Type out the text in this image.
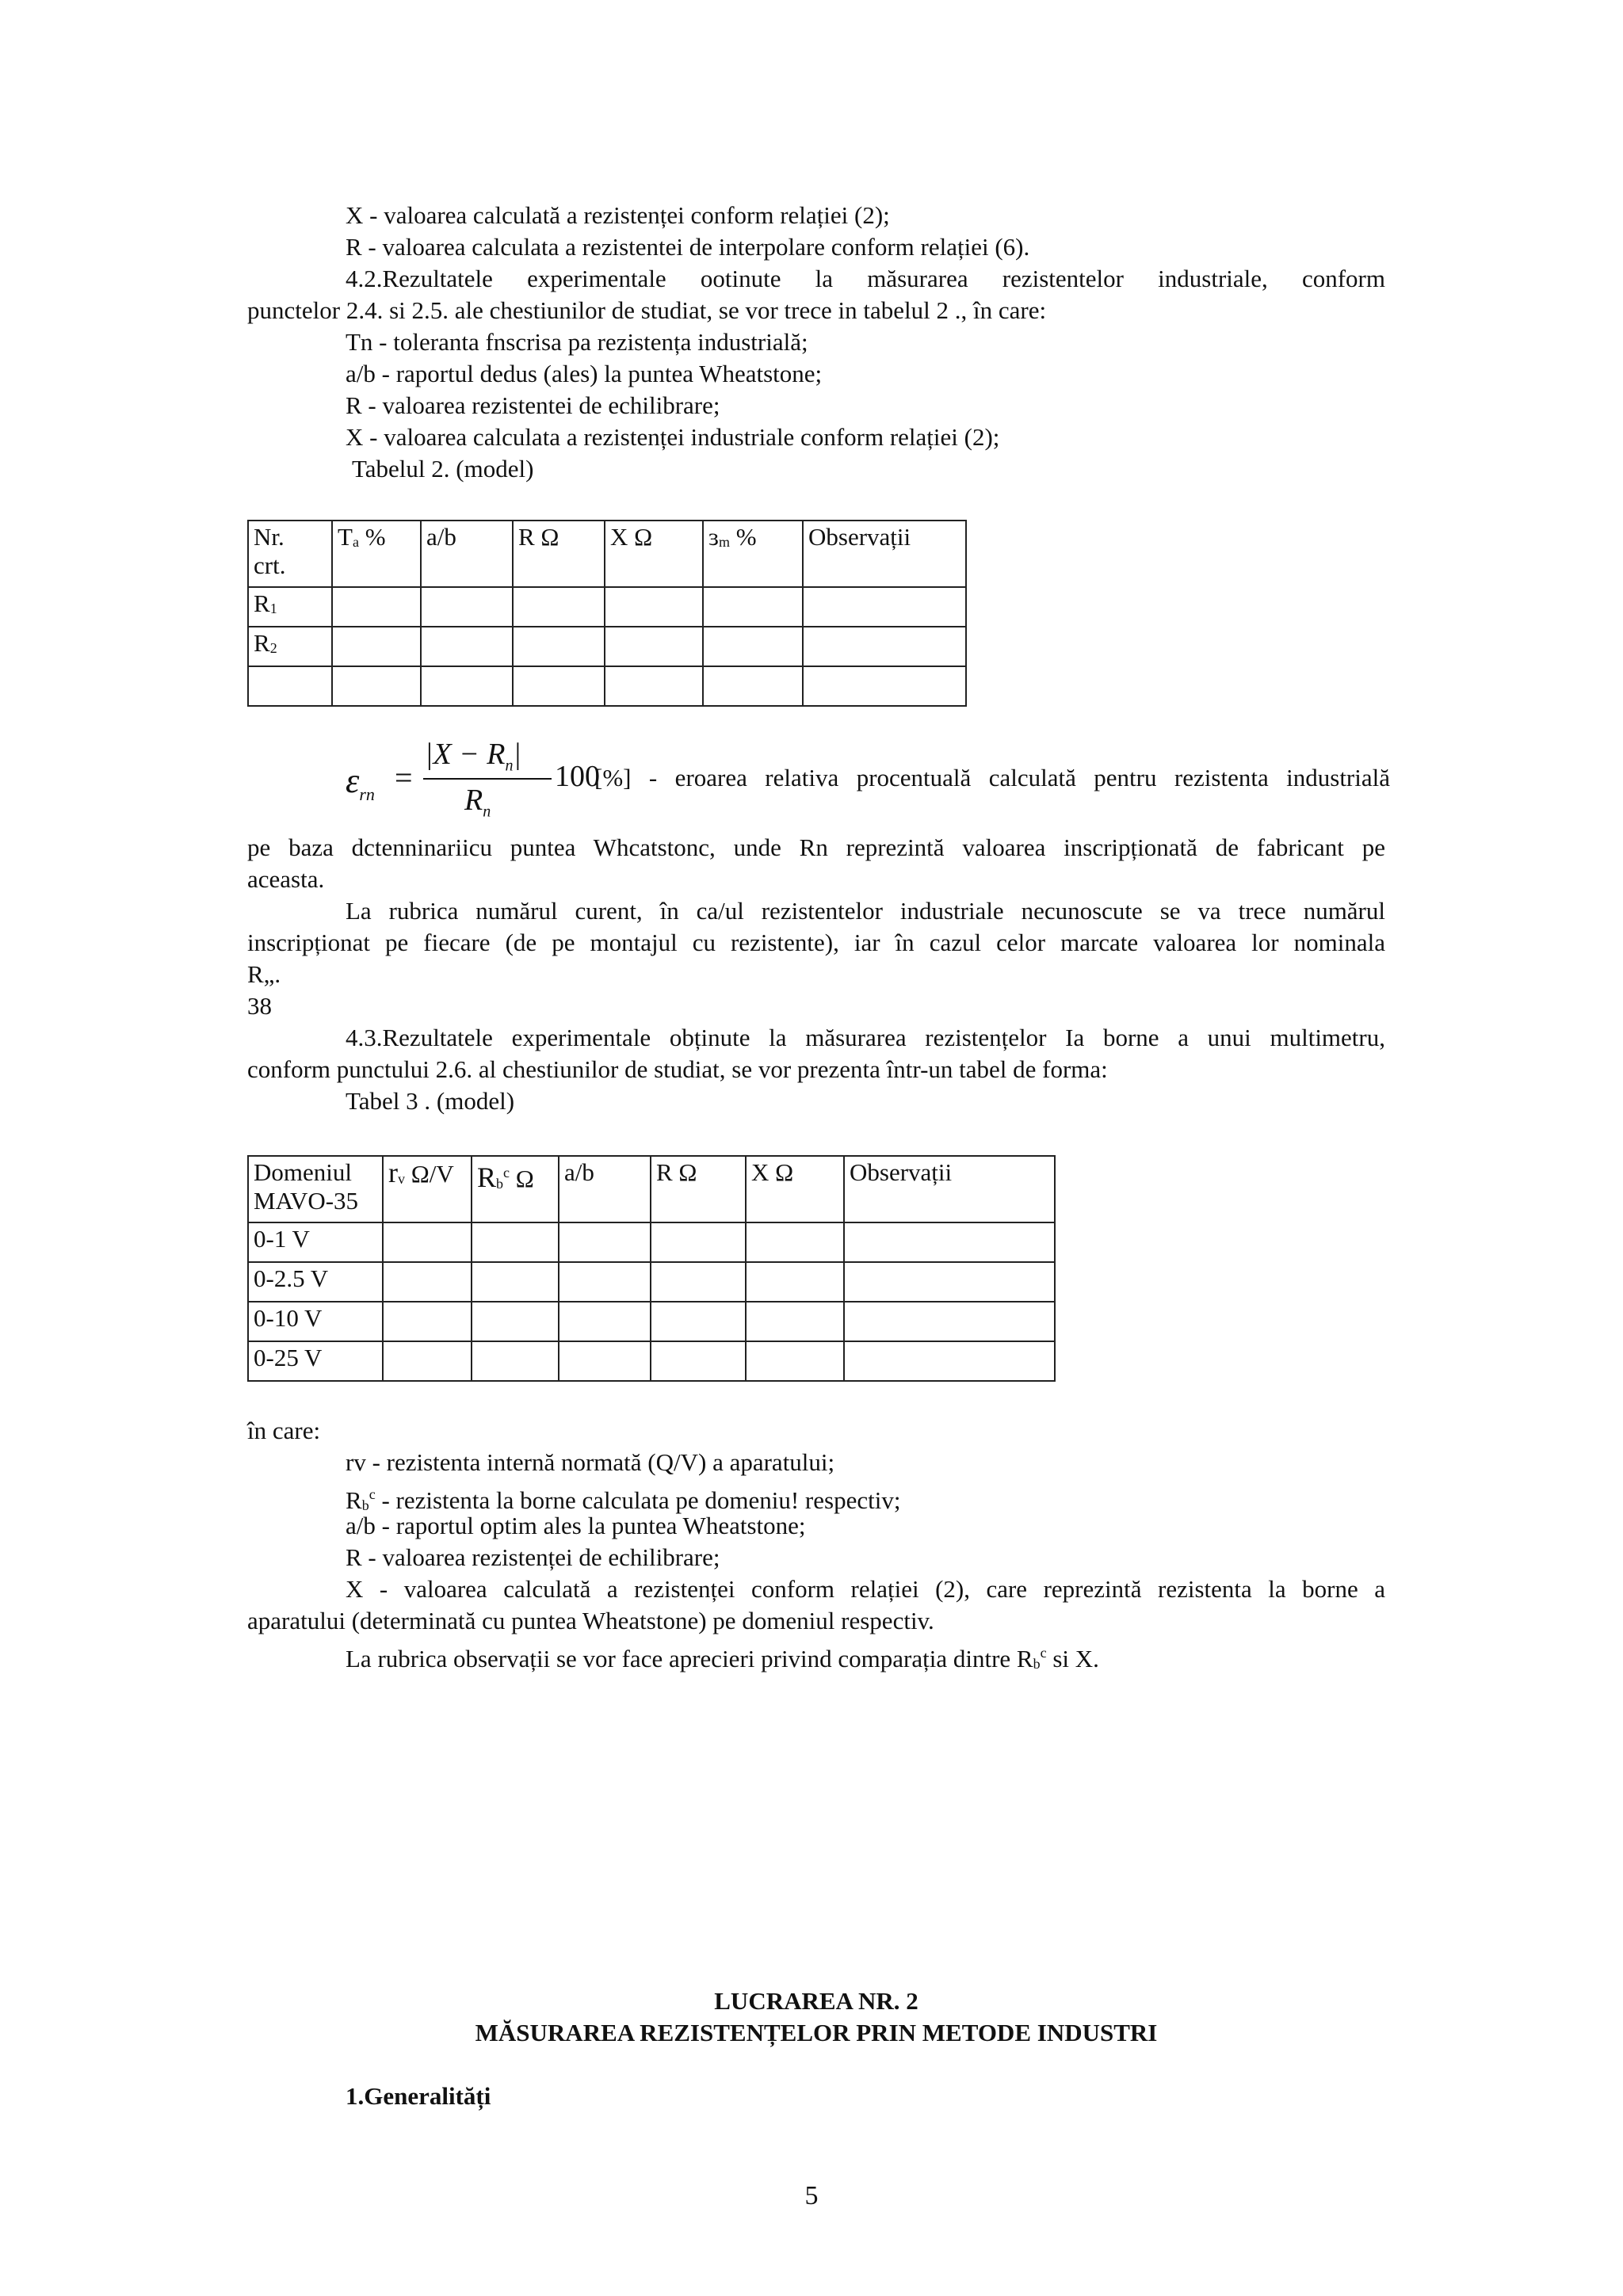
X - valoarea calculată a rezistenței conform relației (2);
R - valoarea calculata a rezistentei de interpolare conform relației (6).
4.2.Rezultatele experimentale ootinute la măsurarea rezistentelor industriale, conform
punctelor 2.4. si 2.5. ale chestiunilor de studiat, se vor trece in tabelul 2 ., în care:
Tn - toleranta fnscrisa pa rezistența industrială;
a/b - raportul dedus (ales) la puntea Wheatstone;
R - valoarea rezistentei de echilibrare;
X - valoarea calculata a rezistenței industriale conform relației (2);
Tabelul 2. (model)
Nr.
crt.	$T_a$ %	a/b	R Ω	X Ω	ɜ$_m$ %	Observații
$R_1$						
$R_2$						

$\varepsilon_{rn}$ =
$|X - R_n|$
$R_n$
100
[%] - eroarea relativa procentuală calculată pentru rezistenta industrială
pe baza dctenninariicu puntea Whcatstonc, unde Rn reprezintă valoarea inscripționată de fabricant pe
aceasta.
La rubrica numărul curent, în ca/ul rezistentelor industriale necunoscute se va trece numărul
inscripționat pe fiecare (de pe montajul cu rezistente), iar în cazul celor marcate valoarea lor nominala
R„.
38
4.3.Rezultatele experimentale obținute la măsurarea rezistențelor Ia borne a unui multimetru,
conform punctului 2.6. al chestiunilor de studiat, se vor prezenta într-un tabel de forma:
Tabel 3 . (model)
Domeniul
MAVO-35	$r_v$ Ω/V	$R_b^c$ Ω	a/b	R Ω	X Ω	Observații
0-1 V						
0-2.5 V						
0-10 V						
0-25 V						
în care:
rv - rezistenta internă normată (Q/V) a aparatului;
$R_b^c$ - rezistenta la borne calculata pe domeniu! respectiv;
a/b - raportul optim ales la puntea Wheatstone;
R - valoarea rezistenței de echilibrare;
X - valoarea calculată a rezistenței conform relației (2), care reprezintă rezistenta la borne a
aparatului (determinată cu puntea Wheatstone) pe domeniul respectiv.
La rubrica observații se vor face aprecieri privind comparația dintre $R_b^c$ si X.
LUCRAREA NR. 2
MĂSURAREA REZISTENȚELOR PRIN METODE INDUSTRI
1.Generalități
5
